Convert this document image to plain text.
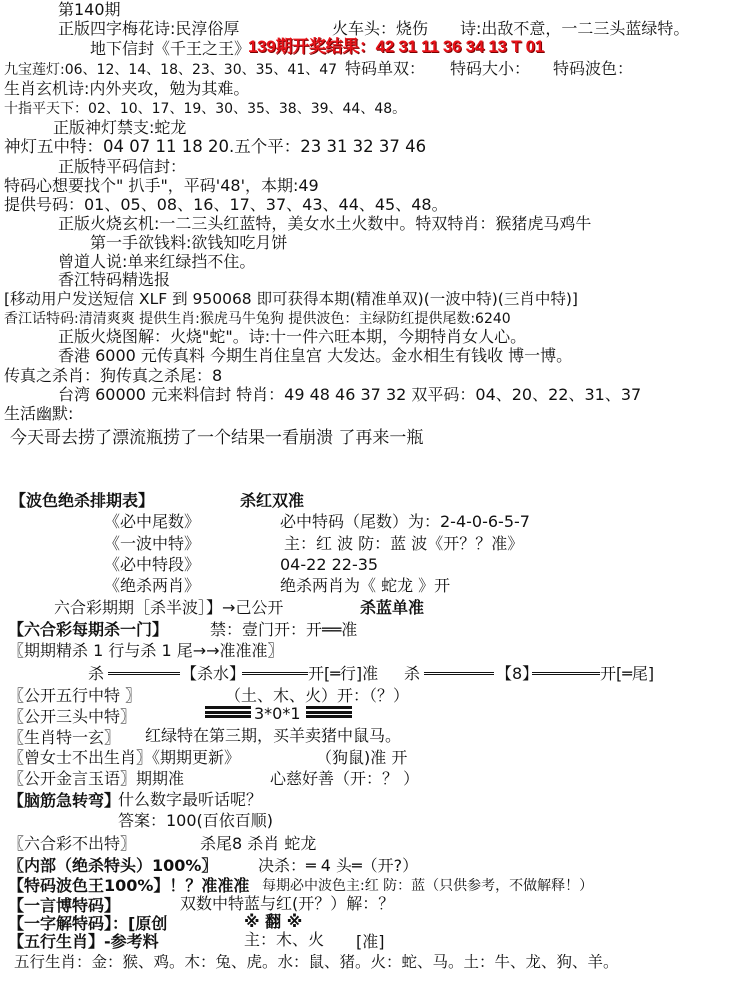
第140期
正版四字梅花诗:民淳俗厚	火车头：烧伤 诗:出敌不意，一二三头蓝绿特。
地下信封《千王之王》
139期开奖结果：42 31 11 36 34 13 T 01
九宝莲灯:06、12、14、18、23、30、35、41、47 特码单双： 特码大小： 特码波色：
生肖玄机诗:内外夹攻，勉为其难。
十指平天下：02、10、17、19、30、35、38、39、44、48。
正版神灯禁支:蛇龙
神灯五中特：04 07 11 18 20.五个平：23 31 32 37 46
正版特平码信封：
特码心想要找个" 扒手"，平码'48'，本期:49
提供号码：01、05、08、16、17、37、43、44、45、48。
正版火烧玄机:一二三头红蓝特，美女水土火数中。特双特肖：猴猪虎马鸡牛
第一手欲钱料:欲钱知吃月饼
曾道人说:单来红绿挡不住。
香江特码精选报
[移动用户发送短信 XLF 到 950068 即可获得本期(精准单双)(一波中特)(三肖中特)]
香江话特码:清清爽爽 提供生肖:猴虎马牛兔狗 提供波色：主绿防红提供尾数:6240
正版火烧图解：火烧"蛇"。诗:十一件六旺本期，今期特肖女人心。
香港 6000 元传真料 今期生肖住皇宫 大发达。金水相生有钱收 博一博。
传真之杀肖：狗传真之杀尾：8
台湾 60000 元来料信封 特肖：49 48 46 37 32 双平码：04、20、22、31、37
生活幽默:
今天哥去捞了漂流瓶捞了一个结果一看崩溃 了再来一瓶
【波色绝杀排期表】	杀红双准
《必中尾数》	必中特码（尾数）为：2-4-0-6-5-7
《一波中特》	主：红 波 防：蓝 波《开？？准》
《必中特段》	04-22 22-35
《绝杀两肖》	绝杀两肖为《 蛇龙 》开
六合彩期期［杀半波］】→己公开	杀蓝单准
【六合彩每期杀一门】	禁：壹门开：开══准
〖期期精杀 1 行与杀 1 尾→→准准准〗
杀	【杀水】	开[═行]准 杀	【8】	开[═尾]
〖公开五行中特 〗	（土、木、火）开：（？）
〖公开三头中特〗	3*0*1
〖生肖特一玄〗 红绿特在第三期，买羊卖猪中鼠马。
〖曾女士不出生肖〗《期期更新》	（狗鼠)准 开
〖公开金言玉语〗期期准	心慈好善（开：？ ）
【脑筋急转弯】
什么数字最听话呢？
答案：100(百依百顺)
〖六合彩不出特〗	杀尾8 杀肖 蛇龙
〖内部（绝杀特头）100%〗	决杀：═ 4 头═（开?）
【特码波色王100%】！？准准准 每期必中波色主:红 防：蓝（只供参考，不做解释！）
【一言博特码】	双数中特蓝与红(开？）解：？
【一字解特码】：[原创	※ 翻 ※
【五行生肖】-参考料	主：木、火 [准]
五行生肖：金：猴、鸡。木：兔、虎。水：鼠、猪。火：蛇、马。土：牛、龙、狗、羊。
